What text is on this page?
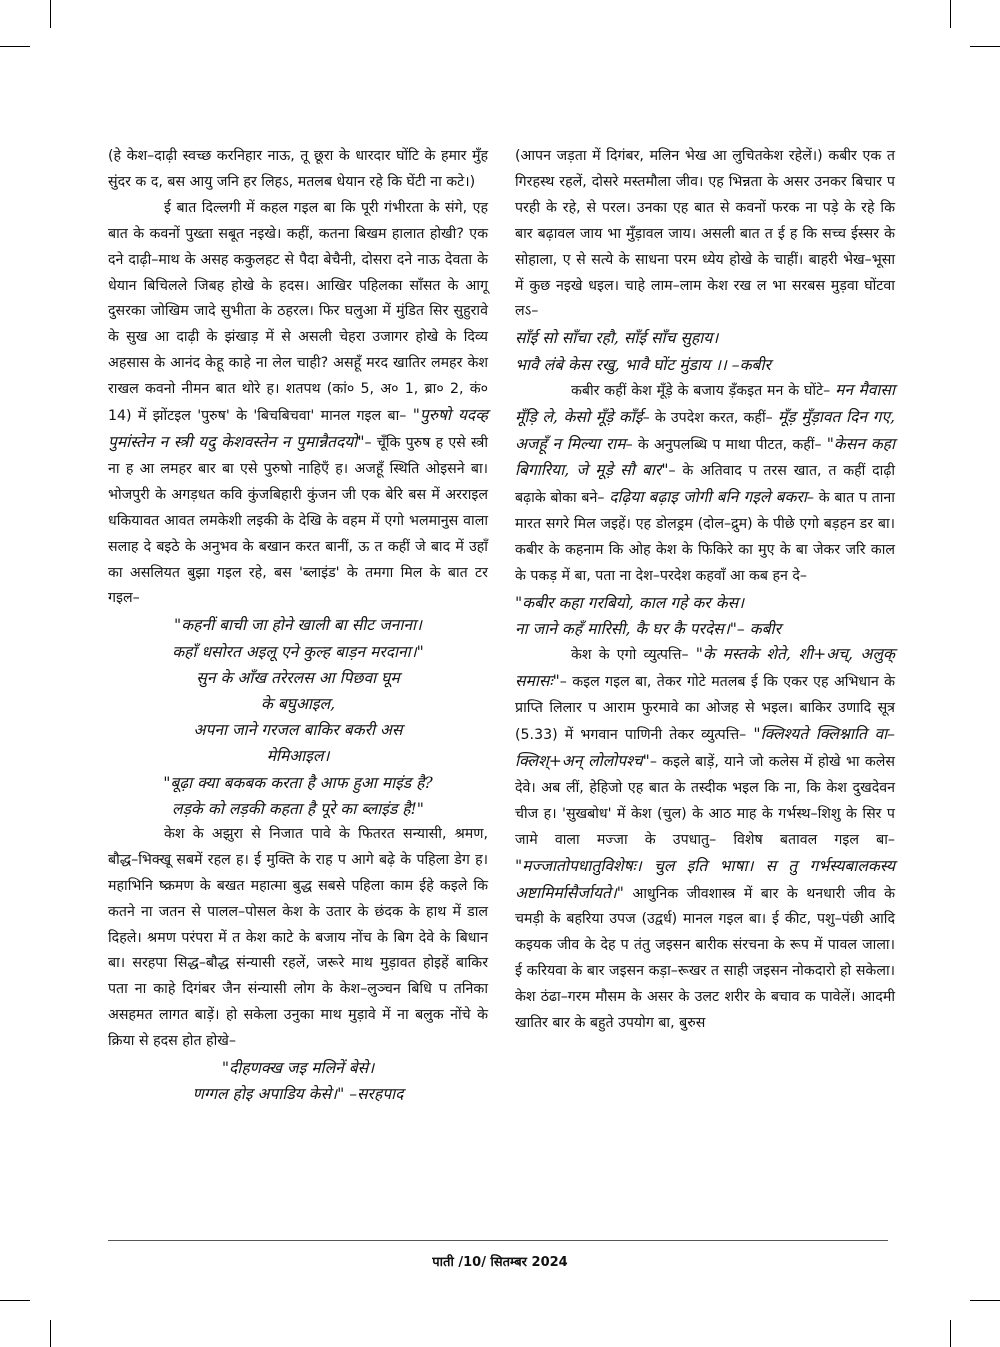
(हे केश–दाढ़ी स्वच्छ करनिहार नाऊ, तू छूरा के धारदार घोंटि के हमार मुँह सुंदर क द, बस आयु जनि हर लिहऽ, मतलब धेयान रहे कि घेंटी ना कटे।)

ई बात दिल्लगी में कहल गइल बा कि पूरी गंभीरता के संगे, एह बात के कवनों पुख्ता सबूत नइखे। कहीं, कतना बिखम हालात होखी? एक दने दाढ़ी–माथ के असह ककुलहट से पैदा बेचैनी, दोसरा दने नाऊ देवता के धेयान बिचिलले जिबह होखे के हदस। आखिर पहिलका साँसत के आगू दुसरका जोखिम जादे सुभीता के ठहरल। फिर घलुआ में मुंडित सिर सुहुरावे के सुख आ दाढ़ी के झंखाड़ में से असली चेहरा उजागर होखे के दिव्य अहसास के आनंद केहू काहे ना लेल चाही? असहूँ मरद खातिर लमहर केश राखल कवनो नीमन बात थोरे ह। शतपथ (कां० 5, अ० 1, ब्रा० 2, कं० 14) में झोंटइल 'पुरुष' के 'बिचबिचवा' मानल गइल बा– "पुरुषो यदव्ह पुमांस्तेन न स्त्री यदु केशवस्तेन न पुमान्नैतदयो"– चूँकि पुरुष ह एसे स्त्री ना ह आ लमहर बार बा एसे पुरुषो नाहिएँ ह। अजहूँ स्थिति ओइसने बा। भोजपुरी के अगड़धत कवि कुंजबिहारी कुंजन जी एक बेरि बस में अरराइल धकियावत आवत लमकेशी लइकी के देखि के वहम में एगो भलमानुस वाला सलाह दे बइठे के अनुभव के बखान करत बानीं, ऊ त कहीं जे बाद में उहाँ का असलियत बुझा गइल रहे, बस 'ब्लाइंड' के तमगा मिल के बात टर गइल–

"कहनीं बाची जा होने खाली बा सीट जनाना।

कहाँ धसोरत अइलू एने कुल्ह बाड़न मरदाना।"

सुन के आँख तरेरलस आ पिछवा घूम

के बघुआइल,

अपना जाने गरजल बाकिर बकरी अस

मेमिआइल।

"बूढ़ा क्या बकबक करता है आफ हुआ माइंड है?

लड़के को लड़की कहता है पूरे का ब्लाइंड है!"

केश के अझुरा से निजात पावे के फितरत सन्यासी, श्रमण, बौद्ध–भिक्खू सबमें रहल ह। ई मुक्ति के राह प आगे बढ़े के पहिला डेग ह। महाभिनि ष्क्रमण के बखत महात्मा बुद्ध सबसे पहिला काम ईहे कइले कि कतने ना जतन से पालल–पोसल केश के उतार के छंदक के हाथ में डाल दिहले। श्रमण परंपरा में त केश काटे के बजाय नोंच के बिग देवे के बिधान बा। सरहपा सिद्ध–बौद्ध संन्यासी रहलें, जरूरे माथ मुड़ावत होइहें बाकिर पता ना काहे दिगंबर जैन संन्यासी लोग के केश–लुञ्चन बिधि प तनिका असहमत लागत बाड़ें। हो सकेला उनुका माथ मुड़ावे में ना बलुक नोंचे के क्रिया से हदस होत होखे–

"दीहणक्ख जइ मलिनें बेसे।

णग्गल होइ अपाडिय केसे।" –सरहपाद

(आपन जड़ता में दिगंबर, मलिन भेख आ लुचितकेश रहेलें।) कबीर एक त गिरहस्थ रहलें, दोसरे मस्तमौला जीव। एह भिन्नता के असर उनकर बिचार प परही के रहे, से परल। उनका एह बात से कवनों फरक ना पड़े के रहे कि बार बढ़ावल जाय भा मुँड़ावल जाय। असली बात त ई ह कि सच्च ईस्सर के सोहाला, ए से सत्ये के साधना परम ध्येय होखे के चाहीं। बाहरी भेख–भूसा में कुछ नइखे धइल। चाहे लाम–लाम केश रख ल भा सरबस मुड़वा घोंटवा लऽ–

साँई सो साँचा रहौ, साँई साँच सुहाय।

भावै लंबे केस रखु, भावै घोंट मुंडाय ।। –कबीर

कबीर कहीं केश मूँड़े के बजाय ड़ँकइत मन के घोंटे– मन मैवासा मूँड़ि ले, केसो मूँड़े काँई– के उपदेश करत, कहीं– मूँड़ मुँड़ावत दिन गए, अजहूँ न मिल्या राम– के अनुपलब्धि प माथा पीटत, कहीं– "केसन कहा बिगारिया, जे मूड़े सौ बार"– के अतिवाद प तरस खात, त कहीं दाढ़ी बढ़ाके बोका बने– दढ़िया बढ़ाइ जोगी बनि गइले बकरा– के बात प ताना मारत सगरे मिल जइहें। एह डोलड्रम (दोल–द्रुम) के पीछे एगो बड़हन डर बा। कबीर के कहनाम कि ओह केश के फिकिरे का मुए के बा जेकर जरि काल के पकड़ में बा, पता ना देश–परदेश कहवाँ आ कब हन दे–

"कबीर कहा गरबियो, काल गहे कर केस।

ना जाने कहँ मारिसी, कै घर कै परदेस।"– कबीर

केश के एगो व्युत्पत्ति– "के मस्तके शेते, शी+अच्, अलुक् समासः"– कइल गइल बा, तेकर गोटे मतलब ई कि एकर एह अभिधान के प्राप्ति लिलार प आराम फुरमावे का ओजह से भइल। बाकिर उणादि सूत्र (5.33) में भगवान पाणिनी तेकर व्युत्पत्ति– "क्लिश्यते क्लिश्नाति वा–क्लिश्+अन् लोलोपश्च"– कइले बाड़ें, याने जो कलेस में होखे भा कलेस देवे। अब लीं, हेहिजो एह बात के तस्दीक भइल कि ना, कि केश दुखदेवन चीज ह। 'सुखबोध' में केश (चुल) के आठ माह के गर्भस्थ–शिशु के सिर प जामे वाला मज्जा के उपधातु– विशेष बतावल गइल बा– "मज्जातोपधातुविशेषः। चुल इति भाषा। स तु गर्भस्यबालकस्य अष्टामिर्मासैर्जायते।" आधुनिक जीवशास्त्र में बार के थनधारी जीव के चमड़ी के बहरिया उपज (उद्वर्ध) मानल गइल बा। ई कीट, पशु–पंछी आदि कइयक जीव के देह प तंतु जइसन बारीक संरचना के रूप में पावल जाला। ई करियवा के बार जइसन कड़ा–रूखर त साही जइसन नोकदारो हो सकेला। केश ठंढा–गरम मौसम के असर के उलट शरीर के बचाव क पावेलें। आदमी खातिर बार के बहुते उपयोग बा, बुरुस

पाती /10/ सितम्बर 2024
